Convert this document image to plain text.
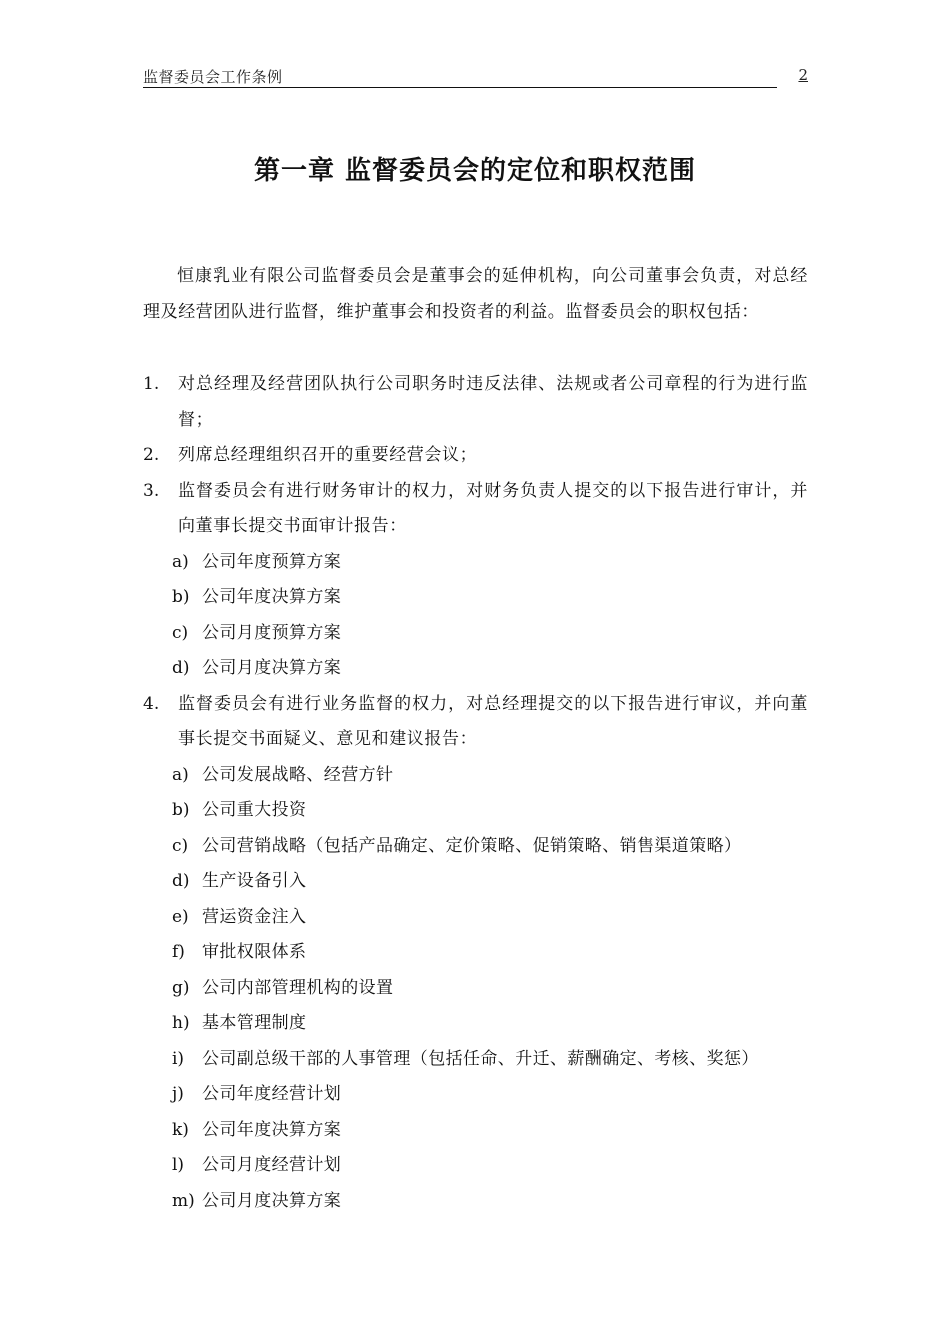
监督委员会工作条例	2
第一章 监督委员会的定位和职权范围
恒康乳业有限公司监督委员会是董事会的延伸机构，向公司董事会负责，对总经理及经营团队进行监督，维护董事会和投资者的利益。监督委员会的职权包括：
1. 对总经理及经营团队执行公司职务时违反法律、法规或者公司章程的行为进行监督；
2. 列席总经理组织召开的重要经营会议；
3. 监督委员会有进行财务审计的权力，对财务负责人提交的以下报告进行审计，并向董事长提交书面审计报告：
a) 公司年度预算方案
b) 公司年度决算方案
c) 公司月度预算方案
d) 公司月度决算方案
4. 监督委员会有进行业务监督的权力，对总经理提交的以下报告进行审议，并向董事长提交书面疑义、意见和建议报告：
a) 公司发展战略、经营方针
b) 公司重大投资
c) 公司营销战略（包括产品确定、定价策略、促销策略、销售渠道策略）
d) 生产设备引入
e) 营运资金注入
f) 审批权限体系
g) 公司内部管理机构的设置
h) 基本管理制度
i) 公司副总级干部的人事管理（包括任命、升迁、薪酬确定、考核、奖惩）
j) 公司年度经营计划
k) 公司年度决算方案
l) 公司月度经营计划
m) 公司月度决算方案
